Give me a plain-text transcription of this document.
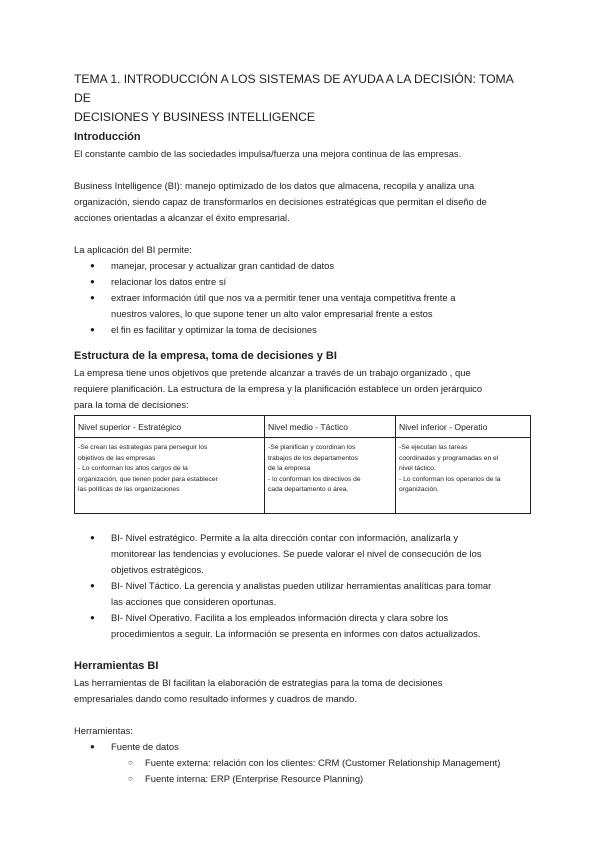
TEMA 1. INTRODUCCIÓN A LOS SISTEMAS DE AYUDA A LA DECISIÓN: TOMA DE
DECISIONES Y BUSINESS INTELLIGENCE
Introducción

El constante cambio de las sociedades impulsa/fuerza una mejora continua de las empresas.

Business Intelligence (BI): manejo optimizado de los datos que almacena, recopila y analiza una
organización, siendo capaz de transformarlos en decisiones estratégicas que permitan el diseño de
acciones orientadas a alcanzar el éxito empresarial.

La aplicación del BI permite:

● manejar, procesar y actualizar gran cantidad de datos
● relacionar los datos entre sí
● extraer información útil que nos va a permitir tener una ventaja competitiva frente a
nuestros valores, lo que supone tener un alto valor empresarial frente a estos
● el fin es facilitar y optimizar la toma de decisiones
Estructura de la empresa, toma de decisiones y BI

La empresa tiene unos objetivos que pretende alcanzar a través de un trabajo organizado , que
requiere planificación. La estructura de la empresa y la planificación establece un orden jerárquico
para la toma de decisiones:

Nivel superior - Estratégico	Nivel medio - Táctico	Nivel inferior - Operatio

-Se crean las estrategias para perseguir los
objetivos de las empresas
- Lo conforman los altos cargos de la
organización, que tienen poder para establecer
las políticas de las organizaciones	-Se planifican y coordinan los
trabajos de los departamentos
de la empresa
- lo conforman los directivos de
cada departamento o área.	-Se ejecutan las tareas
coordinadas y programadas en el
nivel táctico.
- Lo conforman los operarios de la
organización.
● BI- Nivel estratégico. Permite a la alta dirección contar con información, analizarla y
monitorear las tendencias y evoluciones. Se puede valorar el nivel de consecución de los
objetivos estratégicos.
● BI- Nivel Táctico. La gerencia y analistas pueden utilizar herramientas analíticas para tomar
las acciones que consideren oportunas.
● BI- Nivel Operativo. Facilita a los empleados información directa y clara sobre los
procedimientos a seguir. La información se presenta en informes con datos actualizados.
Herramientas BI

Las herramientas de BI facilitan la elaboración de estrategias para la toma de decisiones
empresariales dando como resultado informes y cuadros de mando.

Herramientas:

● Fuente de datos
○ Fuente externa: relación con los clientes: CRM (Customer Relationship Management)
○ Fuente interna: ERP (Enterprise Resource Planning)
